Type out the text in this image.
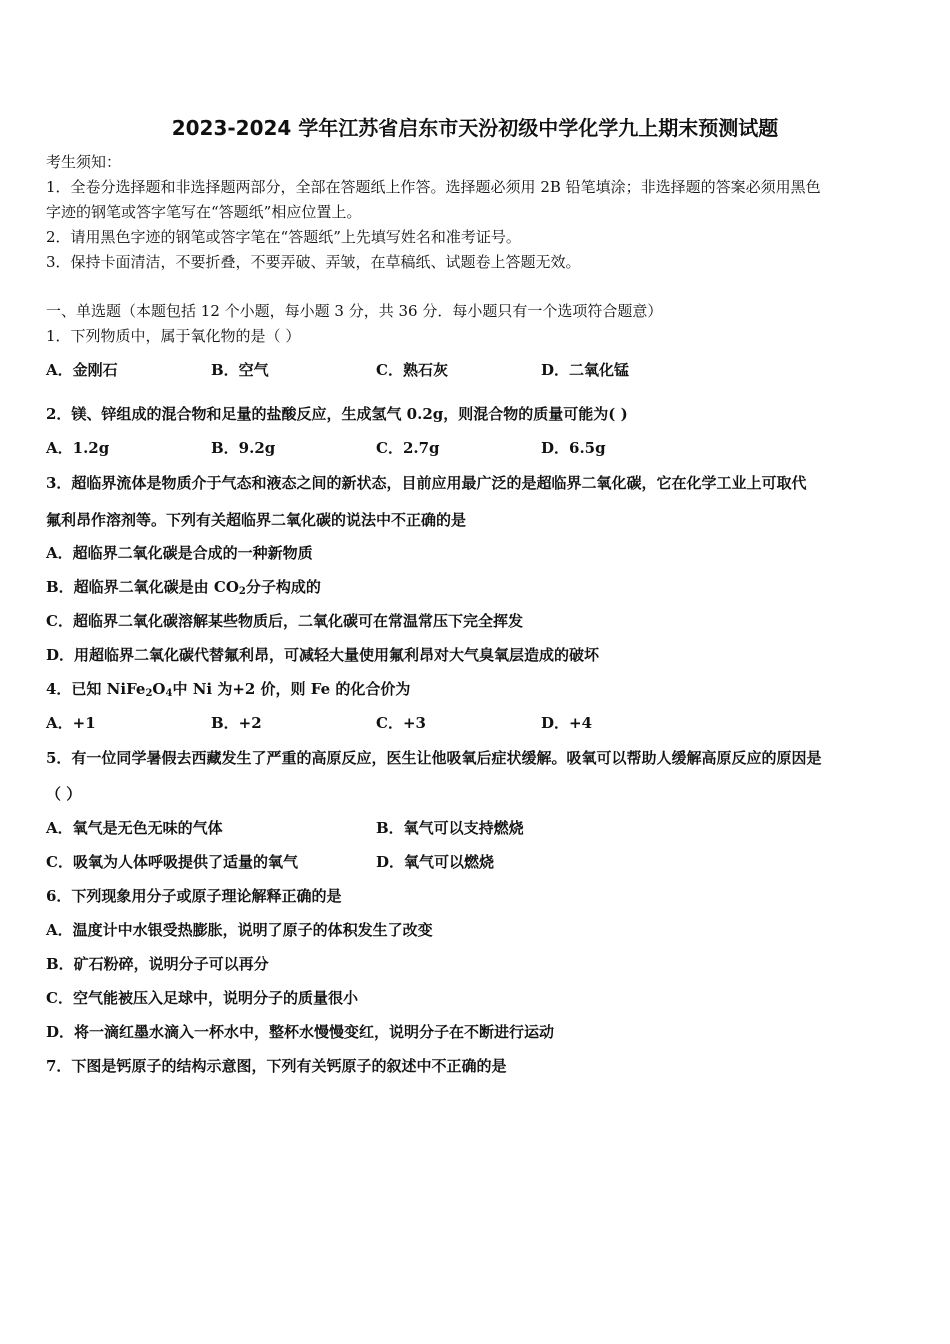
2023-2024 学年江苏省启东市天汾初级中学化学九上期末预测试题
考生须知：
1．全卷分选择题和非选择题两部分，全部在答题纸上作答。选择题必须用 2B 铅笔填涂；非选择题的答案必须用黑色
字迹的钢笔或答字笔写在“答题纸”相应位置上。
2．请用黑色字迹的钢笔或答字笔在“答题纸”上先填写姓名和准考证号。
3．保持卡面清洁，不要折叠，不要弄破、弄皱，在草稿纸、试题卷上答题无效。
一、单选题（本题包括 12 个小题，每小题 3 分，共 36 分．每小题只有一个选项符合题意）
1．下列物质中，属于氧化物的是（ ）
A．金刚石	B．空气	C．熟石灰	D．二氧化锰
2．镁、锌组成的混合物和足量的盐酸反应，生成氢气 0.2g，则混合物的质量可能为( )
A．1.2g	B．9.2g	C．2.7g	D．6.5g
3．超临界流体是物质介于气态和液态之间的新状态，目前应用最广泛的是超临界二氧化碳，它在化学工业上可取代
氟利昂作溶剂等。下列有关超临界二氧化碳的说法中不正确的是
A．超临界二氧化碳是合成的一种新物质
B．超临界二氧化碳是由 $CO_2$分子构成的
C．超临界二氧化碳溶解某些物质后，二氧化碳可在常温常压下完全挥发
D．用超临界二氧化碳代替氟利昂，可减轻大量使用氟利昂对大气臭氧层造成的破坏
4．已知 $NiFe_2O_4$中 Ni 为+2 价，则 Fe 的化合价为
A．+1	B．+2	C．+3	D．+4
5．有一位同学暑假去西藏发生了严重的高原反应，医生让他吸氧后症状缓解。吸氧可以帮助人缓解高原反应的原因是
（ ）
A．氧气是无色无味的气体	B．氧气可以支持燃烧
C．吸氧为人体呼吸提供了适量的氧气	D．氧气可以燃烧
6．下列现象用分子或原子理论解释正确的是
A．温度计中水银受热膨胀，说明了原子的体积发生了改变
B．矿石粉碎，说明分子可以再分
C．空气能被压入足球中，说明分子的质量很小
D．将一滴红墨水滴入一杯水中，整杯水慢慢变红，说明分子在不断进行运动
7．下图是钙原子的结构示意图，下列有关钙原子的叙述中不正确的是
